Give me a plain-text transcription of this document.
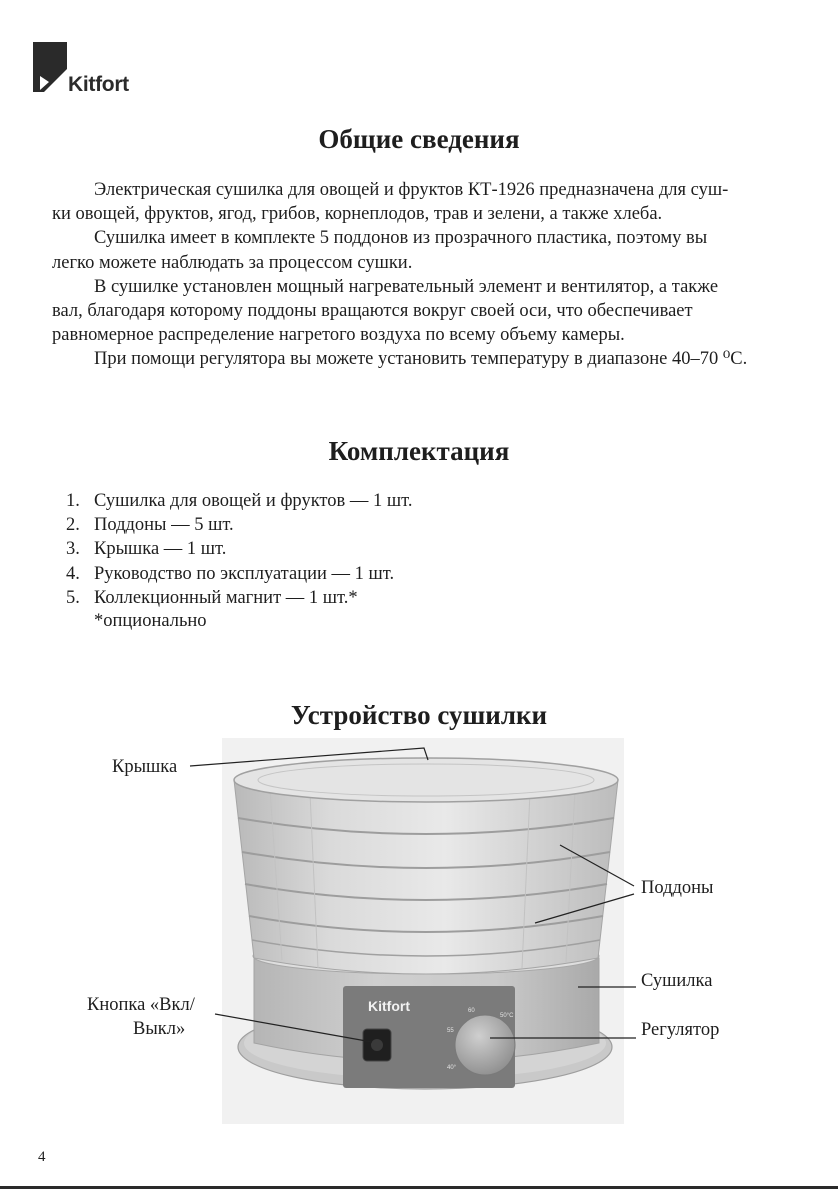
Kitfort
Общие сведения
Электрическая сушилка для овощей и фруктов КТ-1926 предназначена для суш-
ки овощей, фруктов, ягод, грибов, корнеплодов, трав и зелени, а также хлеба.
Сушилка имеет в комплекте 5 поддонов из прозрачного пластика, поэтому вы
легко можете наблюдать за процессом сушки.
В сушилке установлен мощный нагревательный элемент и вентилятор, а также
вал, благодаря которому поддоны вращаются вокруг своей оси, что обеспечивает
равномерное распределение нагретого воздуха по всему объему камеры.
При помощи регулятора вы можете установить температуру в диапазоне 40–70 ⁰С.
Комплектация
1. Сушилка для овощей и фруктов — 1 шт.
2. Поддоны — 5 шт.
3. Крышка — 1 шт.
4. Руководство по эксплуатации — 1 шт.
5. Коллекционный магнит — 1 шт.*
*опционально
Устройство сушилки
Kitfort	60
50°C
55
40°
Крышка
Поддоны
Сушилка
Кнопка «Вкл/
Выкл»	Регулятор
4
